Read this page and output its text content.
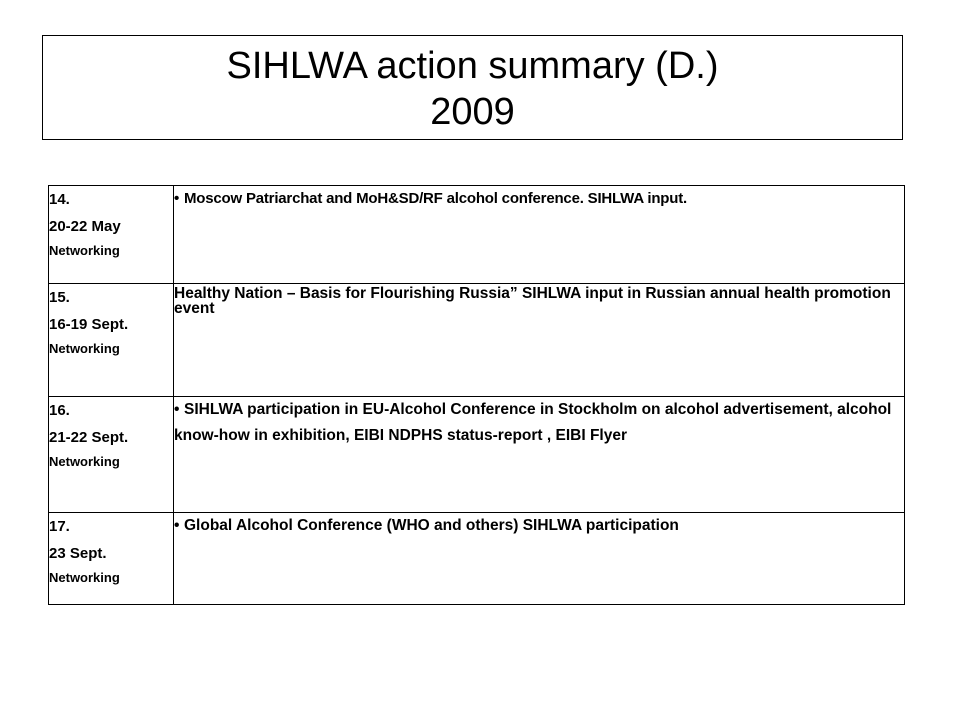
SIHLWA action summary (D.)
2009
14.
20-22 May
Networking	• Moscow Patriarchat and MoH&SD/RF alcohol conference. SIHLWA input.

15.
16-19 Sept.
Networking	Healthy Nation – Basis for Flourishing Russia” SIHLWA input in Russian annual health promotion event

16.
21-22 Sept.
Networking	• SIHLWA participation in EU-Alcohol Conference in Stockholm on alcohol advertisement, alcohol know-how in exhibition, EIBI NDPHS status-report , EIBI Flyer

17.
23 Sept.
Networking	• Global Alcohol Conference (WHO and others) SIHLWA participation
